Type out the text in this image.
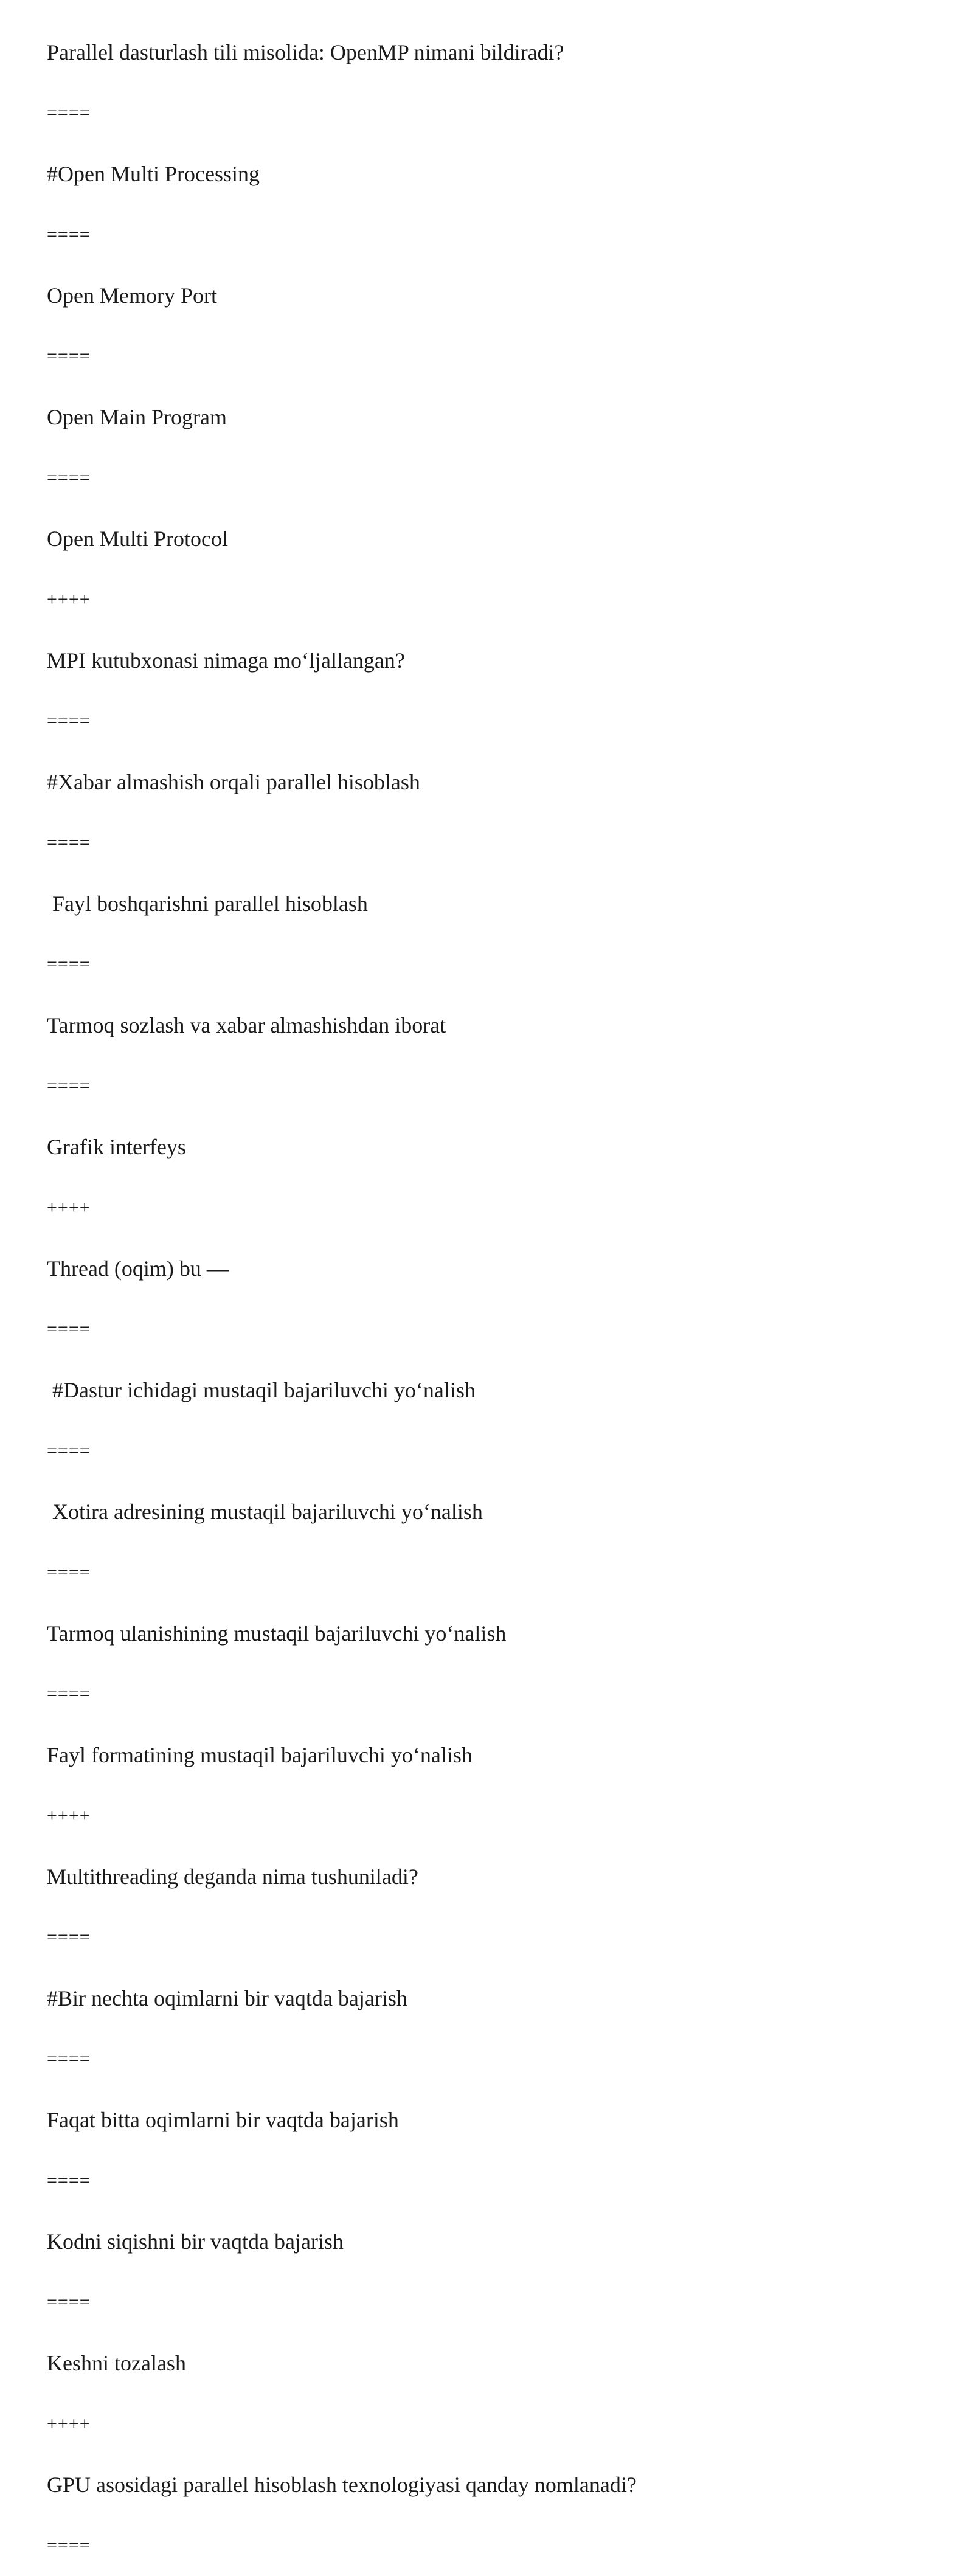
Parallel dasturlash tili misolida: OpenMP nimani bildiradi?
====
#Open Multi Processing
====
Open Memory Port
====
Open Main Program
====
Open Multi Protocol
++++
MPI kutubxonasi nimaga mo‘ljallangan?
====
#Xabar almashish orqali parallel hisoblash
====
Fayl boshqarishni parallel hisoblash
====
Tarmoq sozlash va xabar almashishdan iborat
====
Grafik interfeys
++++
Thread (oqim) bu —
====
#Dastur ichidagi mustaqil bajariluvchi yo‘nalish
====
Xotira adresining mustaqil bajariluvchi yo‘nalish
====
Tarmoq ulanishining mustaqil bajariluvchi yo‘nalish
====
Fayl formatining mustaqil bajariluvchi yo‘nalish
++++
Multithreading deganda nima tushuniladi?
====
#Bir nechta oqimlarni bir vaqtda bajarish
====
Faqat bitta oqimlarni bir vaqtda bajarish
====
Kodni siqishni bir vaqtda bajarish
====
Keshni tozalash
++++
GPU asosidagi parallel hisoblash texnologiyasi qanday nomlanadi?
====
